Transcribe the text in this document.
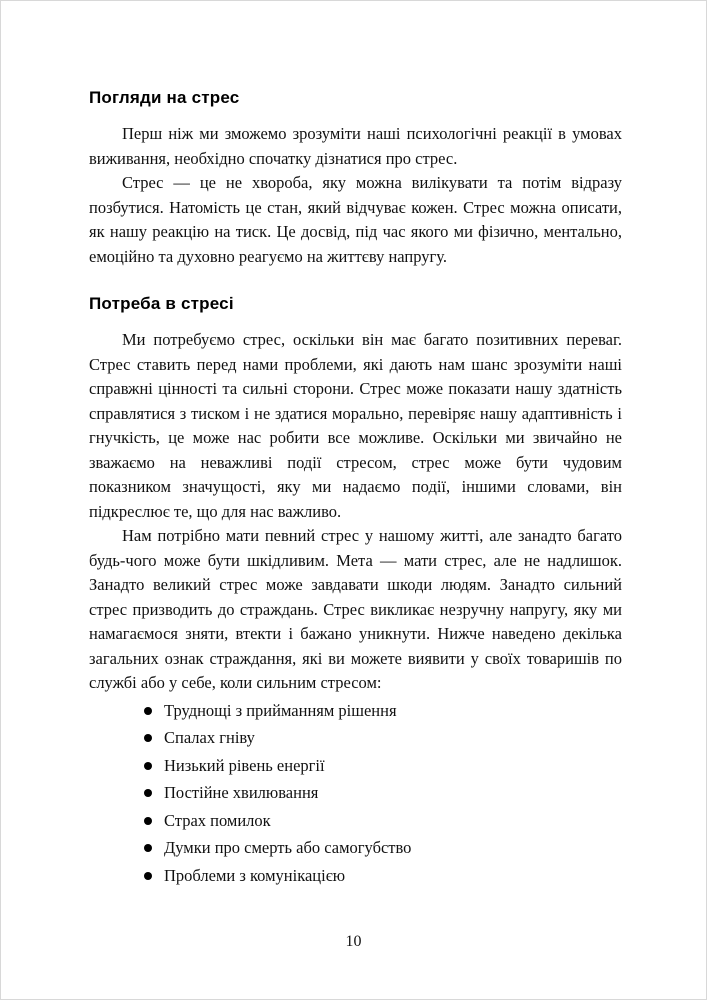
Погляди на стрес

Перш ніж ми зможемо зрозуміти наші психологічні реакції в умовах виживання, необхідно спочатку дізнатися про стрес.

Стрес — це не хвороба, яку можна вилікувати та потім відразу позбутися. Натомість це стан, який відчуває кожен. Стрес можна описати, як нашу реакцію на тиск. Це досвід, під час якого ми фізично, ментально, емоційно та духовно реагуємо на життєву напругу.

Потреба в стресі

Ми потребуємо стрес, оскільки він має багато позитивних переваг. Стрес ставить перед нами проблеми, які дають нам шанс зрозуміти наші справжні цінності та сильні сторони. Стрес може показати нашу здатність справлятися з тиском і не здатися морально, перевіряє нашу адаптивність і гнучкість, це може нас робити все можливе. Оскільки ми звичайно не зважаємо на неважливі події стресом, стрес може бути чудовим показником значущості, яку ми надаємо події, іншими словами, він підкреслює те, що для нас важливо.

Нам потрібно мати певний стрес у нашому житті, але занадто багато будь-чого може бути шкідливим. Мета — мати стрес, але не надлишок. Занадто великий стрес може завдавати шкоди людям. Занадто сильний стрес призводить до страждань. Стрес викликає незручну напругу, яку ми намагаємося зняти, втекти і бажано уникнути. Нижче наведено декілька загальних ознак страждання, які ви можете виявити у своїх товаришів по службі або у себе, коли сильним стресом:

Труднощі з прийманням рішення
Спалах гніву
Низький рівень енергії
Постійне хвилювання
Страх помилок
Думки про смерть або самогубство
Проблеми з комунікацією
10
